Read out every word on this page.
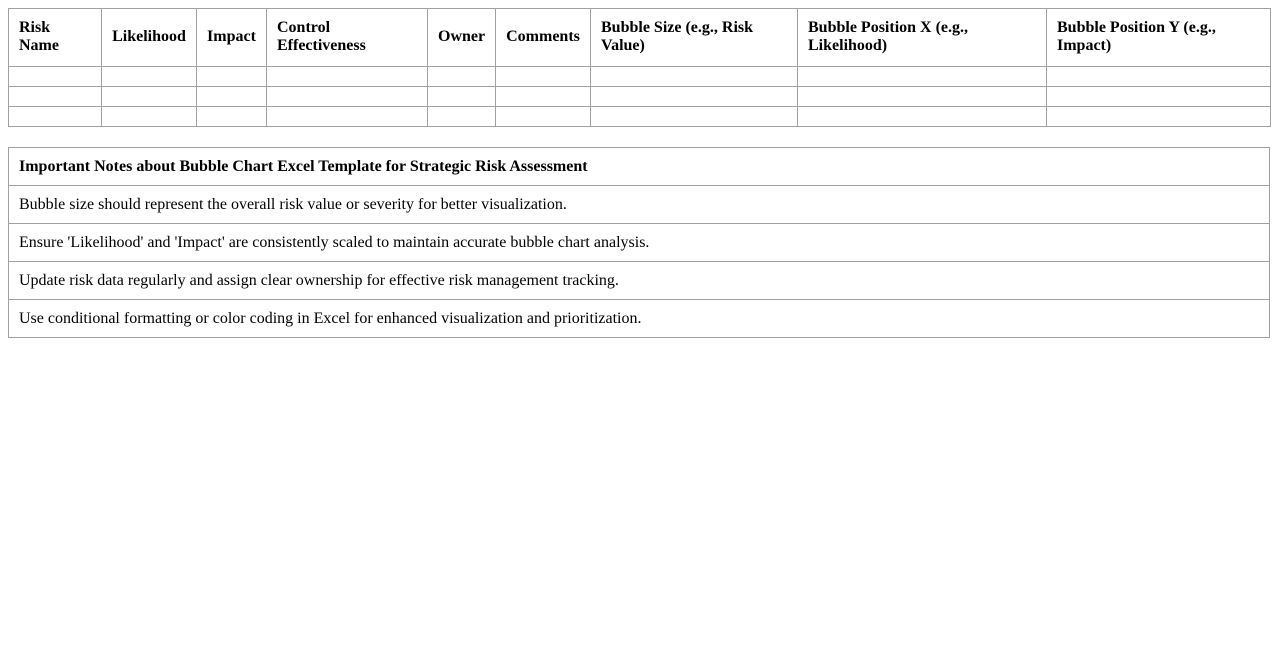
Risk Name	Likelihood	Impact	Control Effectiveness	Owner	Comments	Bubble Size (e.g., Risk Value)	Bubble Position X (e.g., Likelihood)	Bubble Position Y (e.g., Impact)

Important Notes about Bubble Chart Excel Template for Strategic Risk Assessment
Bubble size should represent the overall risk value or severity for better visualization.
Ensure 'Likelihood' and 'Impact' are consistently scaled to maintain accurate bubble chart analysis.
Update risk data regularly and assign clear ownership for effective risk management tracking.
Use conditional formatting or color coding in Excel for enhanced visualization and prioritization.
